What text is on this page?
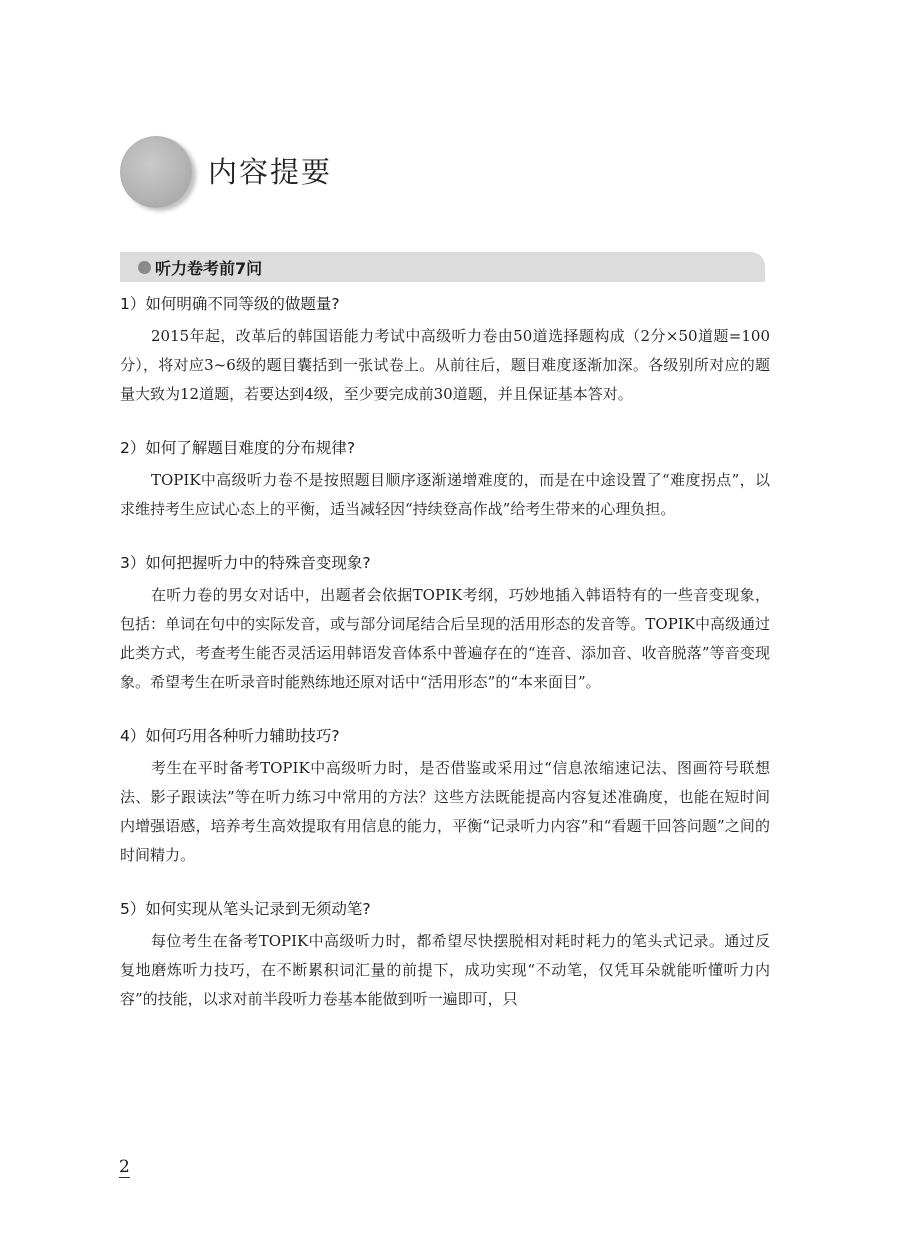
内容提要
听力卷考前7问

1）如何明确不同等级的做题量?

2015年起，改革后的韩国语能力考试中高级听力卷由50道选择题构成（2分×50道题=100分），将对应3~6级的题目囊括到一张试卷上。从前往后，题目难度逐渐加深。各级别所对应的题量大致为12道题，若要达到4级，至少要完成前30道题，并且保证基本答对。

2）如何了解题目难度的分布规律?

TOPIK中高级听力卷不是按照题目顺序逐渐递增难度的，而是在中途设置了“难度拐点”，以求维持考生应试心态上的平衡，适当减轻因“持续登高作战”给考生带来的心理负担。

3）如何把握听力中的特殊音变现象?

在听力卷的男女对话中，出题者会依据TOPIK考纲，巧妙地插入韩语特有的一些音变现象，包括：单词在句中的实际发音，或与部分词尾结合后呈现的活用形态的发音等。TOPIK中高级通过此类方式，考查考生能否灵活运用韩语发音体系中普遍存在的“连音、添加音、收音脱落”等音变现象。希望考生在听录音时能熟练地还原对话中“活用形态”的“本来面目”。

4）如何巧用各种听力辅助技巧?

考生在平时备考TOPIK中高级听力时，是否借鉴或采用过“信息浓缩速记法、图画符号联想法、影子跟读法”等在听力练习中常用的方法？这些方法既能提高内容复述准确度，也能在短时间内增强语感，培养考生高效提取有用信息的能力，平衡“记录听力内容”和“看题干回答问题”之间的时间精力。

5）如何实现从笔头记录到无须动笔?

每位考生在备考TOPIK中高级听力时，都希望尽快摆脱相对耗时耗力的笔头式记录。通过反复地磨炼听力技巧，在不断累积词汇量的前提下，成功实现“不动笔，仅凭耳朵就能听懂听力内容”的技能，以求对前半段听力卷基本能做到听一遍即可，只

2
